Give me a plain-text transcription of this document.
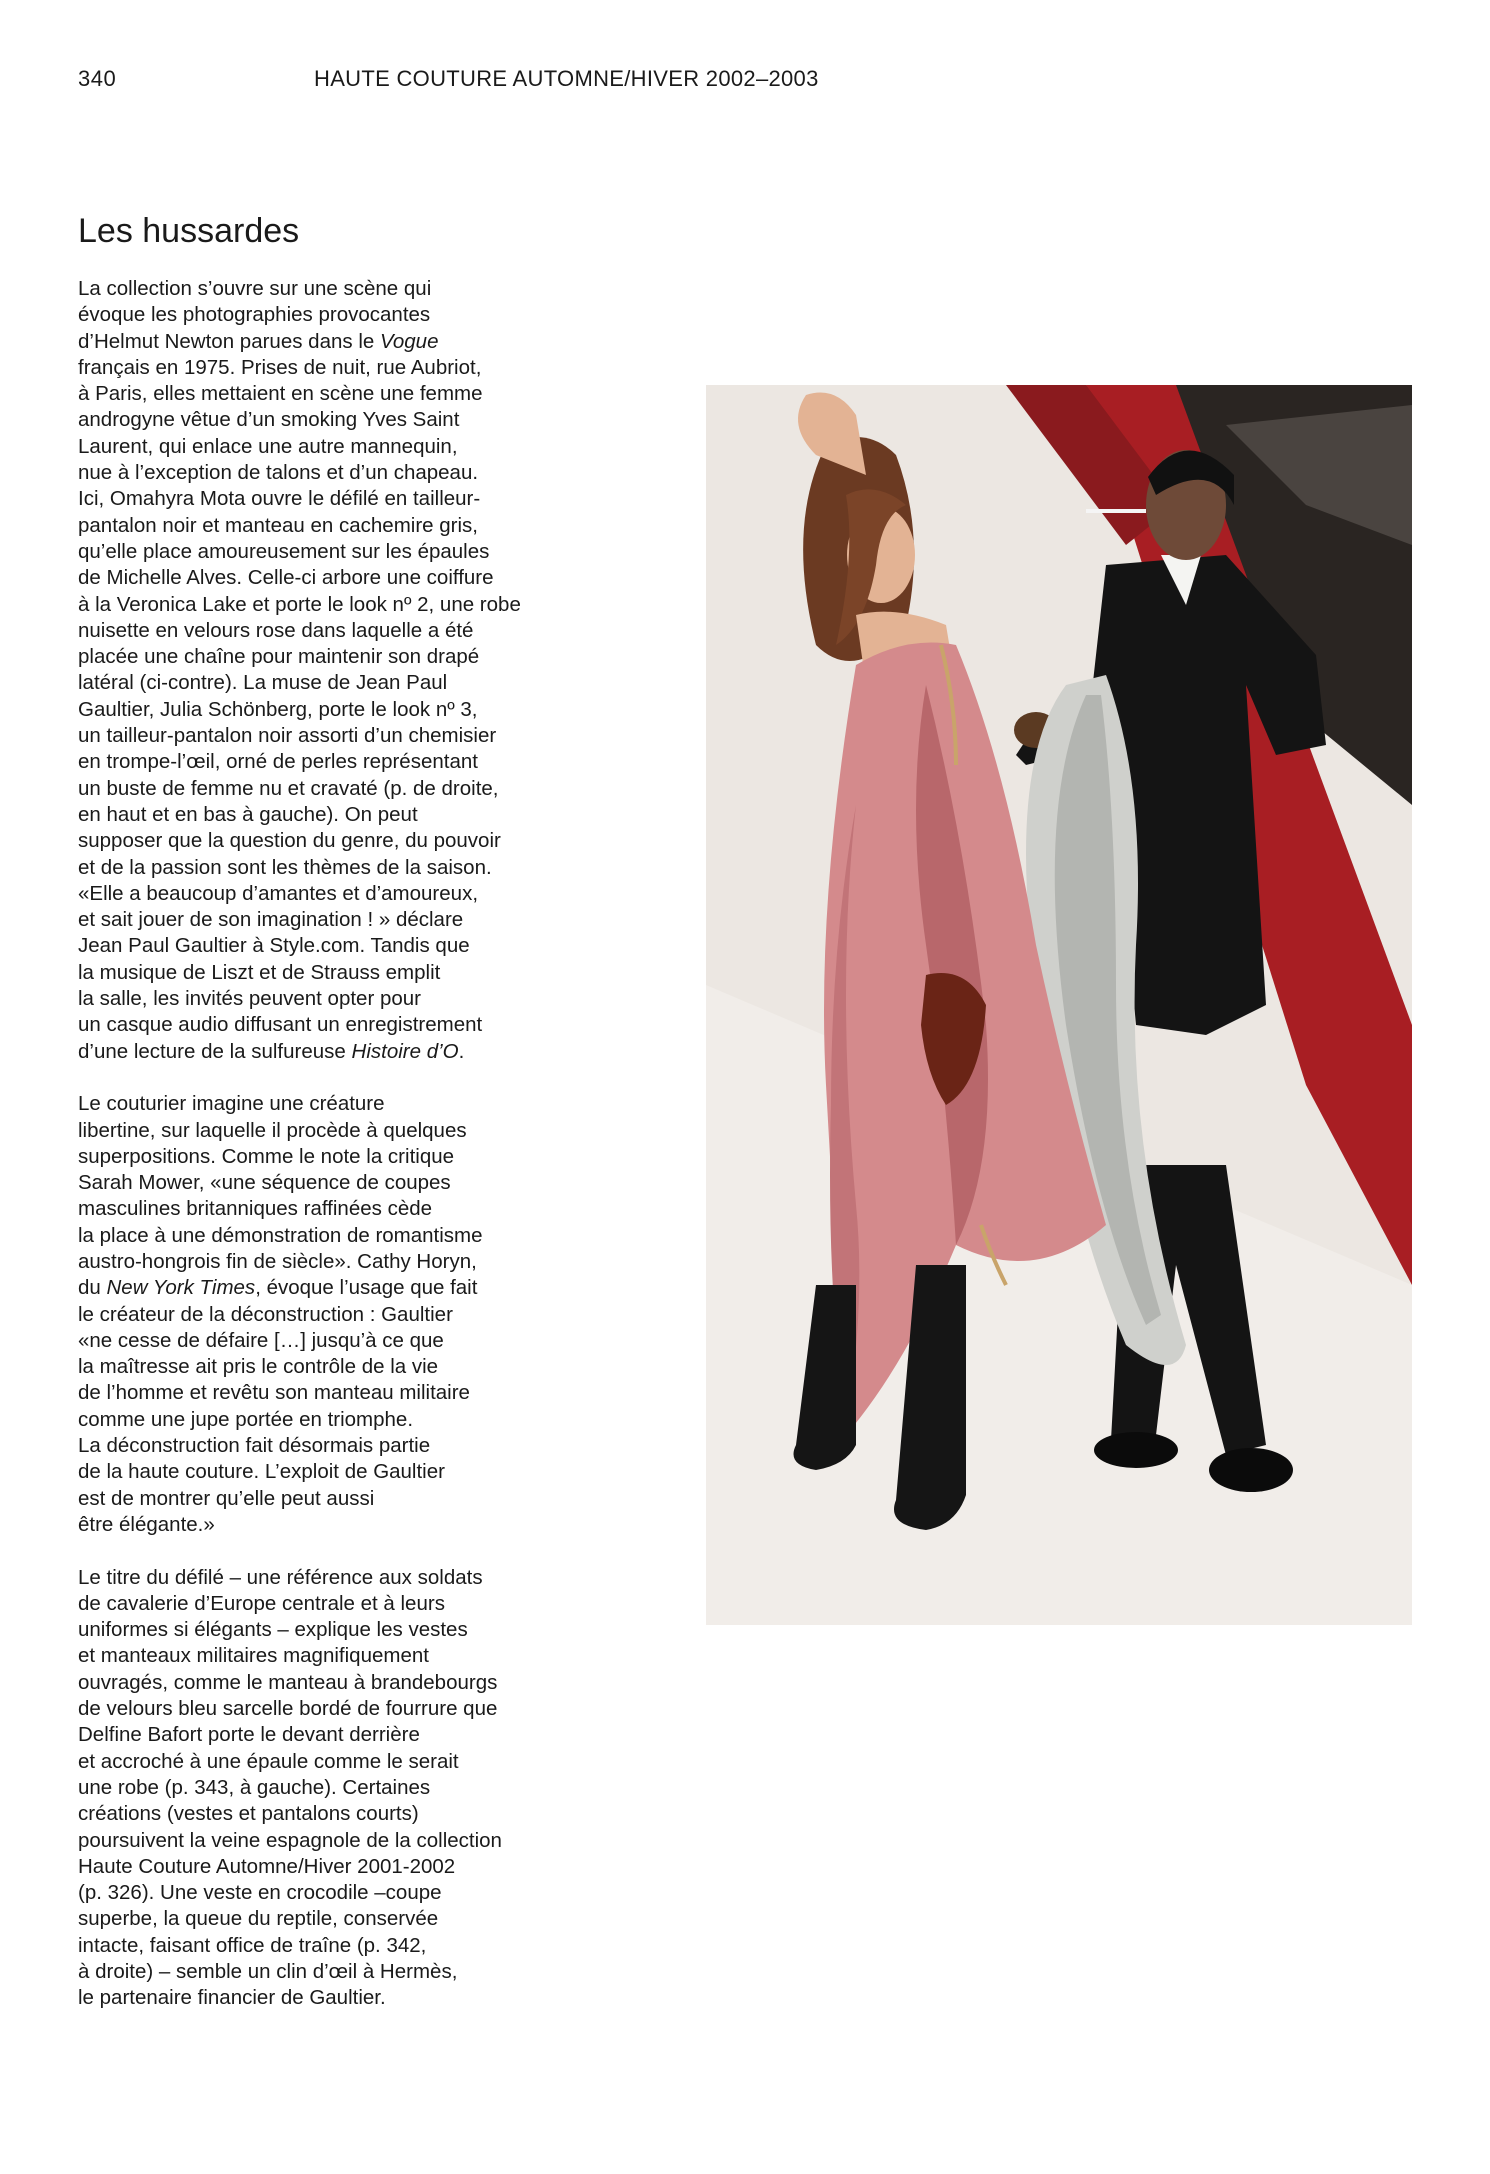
340	HAUTE COUTURE AUTOMNE/HIVER 2002–2003
Les hussardes

La collection s’ouvre sur une scène qui
évoque les photographies provocantes
d’Helmut Newton parues dans le Vogue
français en 1975. Prises de nuit, rue Aubriot,
à Paris, elles mettaient en scène une femme
androgyne vêtue d’un smoking Yves Saint
Laurent, qui enlace une autre mannequin,
nue à l’exception de talons et d’un chapeau.
Ici, Omahyra Mota ouvre le défilé en tailleur-
pantalon noir et manteau en cachemire gris,
qu’elle place amoureusement sur les épaules
de Michelle Alves. Celle-ci arbore une coiffure
à la Veronica Lake et porte le look nº 2, une robe
nuisette en velours rose dans laquelle a été
placée une chaîne pour maintenir son drapé
latéral (ci-contre). La muse de Jean Paul
Gaultier, Julia Schönberg, porte le look nº 3,
un tailleur-pantalon noir assorti d’un chemisier
en trompe-l’œil, orné de perles représentant
un buste de femme nu et cravaté (p. de droite,
en haut et en bas à gauche). On peut
supposer que la question du genre, du pouvoir
et de la passion sont les thèmes de la saison.
«Elle a beaucoup d’amantes et d’amoureux,
et sait jouer de son imagination ! » déclare
Jean Paul Gaultier à Style.com. Tandis que
la musique de Liszt et de Strauss emplit
la salle, les invités peuvent opter pour
un casque audio diffusant un enregistrement
d’une lecture de la sulfureuse Histoire d’O.

Le couturier imagine une créature
libertine, sur laquelle il procède à quelques
superpositions. Comme le note la critique
Sarah Mower, «une séquence de coupes
masculines britanniques raffinées cède
la place à une démonstration de romantisme
austro-hongrois fin de siècle». Cathy Horyn,
du New York Times, évoque l’usage que fait
le créateur de la déconstruction : Gaultier
«ne cesse de défaire […] jusqu’à ce que
la maîtresse ait pris le contrôle de la vie
de l’homme et revêtu son manteau militaire
comme une jupe portée en triomphe.
La déconstruction fait désormais partie
de la haute couture. L’exploit de Gaultier
est de montrer qu’elle peut aussi
être élégante.»

Le titre du défilé – une référence aux soldats
de cavalerie d’Europe centrale et à leurs
uniformes si élégants – explique les vestes
et manteaux militaires magnifiquement
ouvragés, comme le manteau à brandebourgs
de velours bleu sarcelle bordé de fourrure que
Delfine Bafort porte le devant derrière
et accroché à une épaule comme le serait
une robe (p. 343, à gauche). Certaines
créations (vestes et pantalons courts)
poursuivent la veine espagnole de la collection
Haute Couture Automne/Hiver 2001-2002
(p. 326). Une veste en crocodile –coupe
superbe, la queue du reptile, conservée
intacte, faisant office de traîne (p. 342,
à droite) – semble un clin d’œil à Hermès,
le partenaire financier de Gaultier.
